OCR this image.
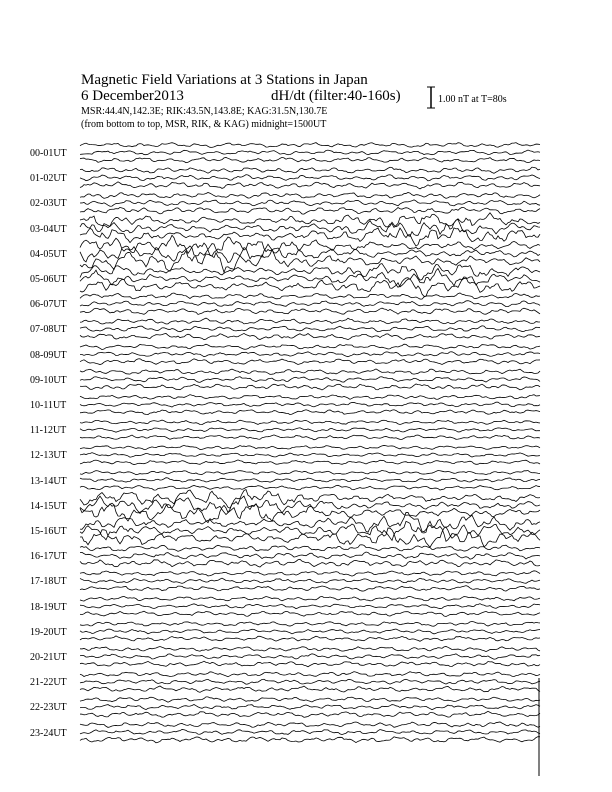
Magnetic Field Variations at 3 Stations in Japan
6 December2013	dH/dt (filter:40-160s)
MSR:44.4N,142.3E; RIK:43.5N,143.8E; KAG:31.5N,130.7E
(from bottom to top, MSR, RIK, & KAG) midnight=1500UT
1.00 nT at T=80s
00-01UT
01-02UT
02-03UT
03-04UT
04-05UT
05-06UT
06-07UT
07-08UT
08-09UT
09-10UT
10-11UT
11-12UT
12-13UT
13-14UT
14-15UT
15-16UT
16-17UT
17-18UT
18-19UT
19-20UT
20-21UT
21-22UT
22-23UT
23-24UT
